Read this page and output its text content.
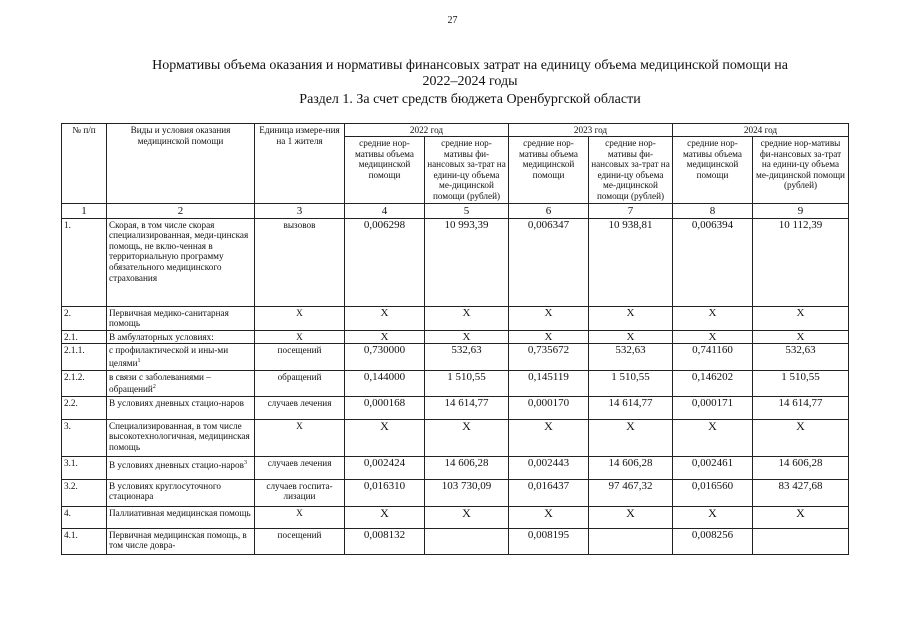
27
Нормативы объема оказания и нормативы финансовых затрат на единицу объема медицинской помощи на
2022–2024 годы
Раздел 1. За счет средств бюджета Оренбургской области
№ п/п	Виды и условия оказания медицинской помощи	Единица измере-ния на 1 жителя	2022 год		2023 год		2024 год	
			средние нор-мативы объема медицинской помощи	средние нор-мативы фи-нансовых за-трат на едини-цу объема ме-дицинской помощи (рублей)	средние нор-мативы объема медицинской помощи	средние нор-мативы фи-нансовых за-трат на едини-цу объема ме-дицинской помощи (рублей)	средние нор-мативы объема медицинской помощи	средние нор-мативы фи-нансовых за-трат на едини-цу объема ме-дицинской помощи (рублей)
1	2	3	4	5	6	7	8	9
1.	Скорая, в том числе скорая специализированная, меди-цинская помощь, не вклю-ченная в территориальную программу обязательного медицинского страхования	вызовов	0,006298	10 993,39	0,006347	10 938,81	0,006394	10 112,39
2.	Первичная медико-санитарная помощь	X	X	X	X	X	X	X
2.1.	В амбулаторных условиях:	X	X	X	X	X	X	X
2.1.1.	с профилактической и ины-ми целями$^1$	посещений	0,730000	532,63	0,735672	532,63	0,741160	532,63
2.1.2.	в связи с заболеваниями – обращений$^2$	обращений	0,144000	1 510,55	0,145119	1 510,55	0,146202	1 510,55
2.2.	В условиях дневных стацио-наров	случаев лечения	0,000168	14 614,77	0,000170	14 614,77	0,000171	14 614,77
3.	Специализированная, в том числе высокотехнологичная, медицинская помощь	X	X	X	X	X	X	X
3.1.	В условиях дневных стацио-наров$^3$	случаев лечения	0,002424	14 606,28	0,002443	14 606,28	0,002461	14 606,28
3.2.	В условиях круглосуточного стационара	случаев госпита-лизации	0,016310	103 730,09	0,016437	97 467,32	0,016560	83 427,68
4.	Паллиативная медицинская помощь	X	X	X	X	X	X	X
4.1.	Первичная медицинская помощь, в том числе доврa-	посещений	0,008132		0,008195		0,008256	
